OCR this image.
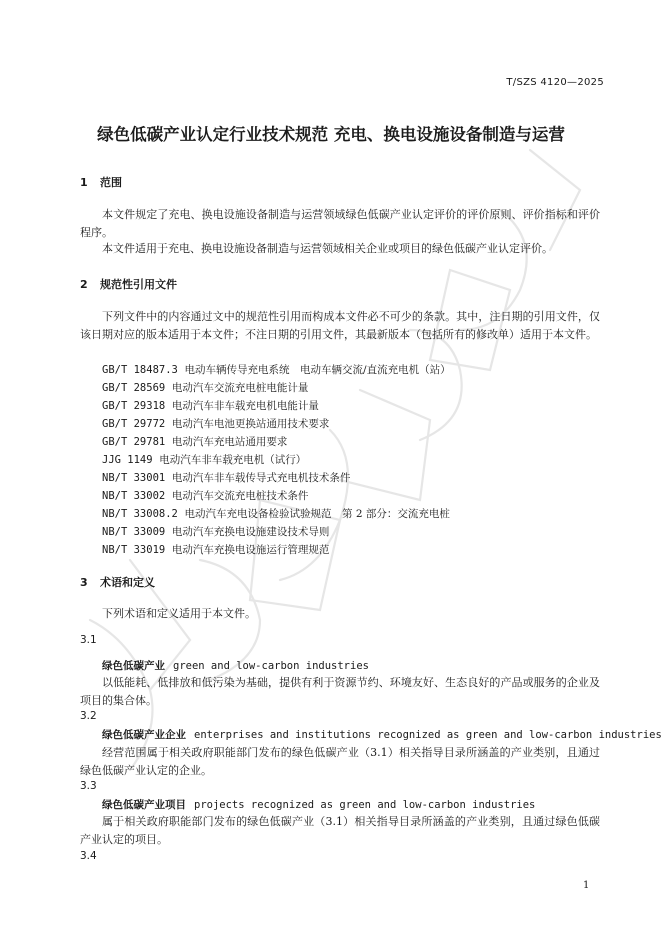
T/SZS 4120—2025
绿色低碳产业认定行业技术规范 充电、换电设施设备制造与运营
1 范围
本文件规定了充电、换电设施设备制造与运营领域绿色低碳产业认定评价的评价原则、评价指标和评价程序。
本文件适用于充电、换电设施设备制造与运营领域相关企业或项目的绿色低碳产业认定评价。
2 规范性引用文件
下列文件中的内容通过文中的规范性引用而构成本文件必不可少的条款。其中，注日期的引用文件，仅该日期对应的版本适用于本文件；不注日期的引用文件，其最新版本（包括所有的修改单）适用于本文件。
GB/T 18487.3 电动车辆传导充电系统　电动车辆交流/直流充电机（站）
GB/T 28569 电动汽车交流充电桩电能计量
GB/T 29318 电动汽车非车载充电机电能计量
GB/T 29772 电动汽车电池更换站通用技术要求
GB/T 29781 电动汽车充电站通用要求
JJG 1149 电动汽车非车载充电机（试行）
NB/T 33001 电动汽车非车载传导式充电机技术条件
NB/T 33002 电动汽车交流充电桩技术条件
NB/T 33008.2 电动汽车充电设备检验试验规范　第 2 部分：交流充电桩
NB/T 33009 电动汽车充换电设施建设技术导则
NB/T 33019 电动汽车充换电设施运行管理规范
3 术语和定义
下列术语和定义适用于本文件。
3.1
绿色低碳产业 green and low-carbon industries
以低能耗、低排放和低污染为基础，提供有利于资源节约、环境友好、生态良好的产品或服务的企业及项目的集合体。
3.2
绿色低碳产业企业 enterprises and institutions recognized as green and low-carbon industries
经营范围属于相关政府职能部门发布的绿色低碳产业（3.1）相关指导目录所涵盖的产业类别，且通过绿色低碳产业认定的企业。
3.3
绿色低碳产业项目 projects recognized as green and low-carbon industries
属于相关政府职能部门发布的绿色低碳产业（3.1）相关指导目录所涵盖的产业类别，且通过绿色低碳产业认定的项目。
3.4
1
